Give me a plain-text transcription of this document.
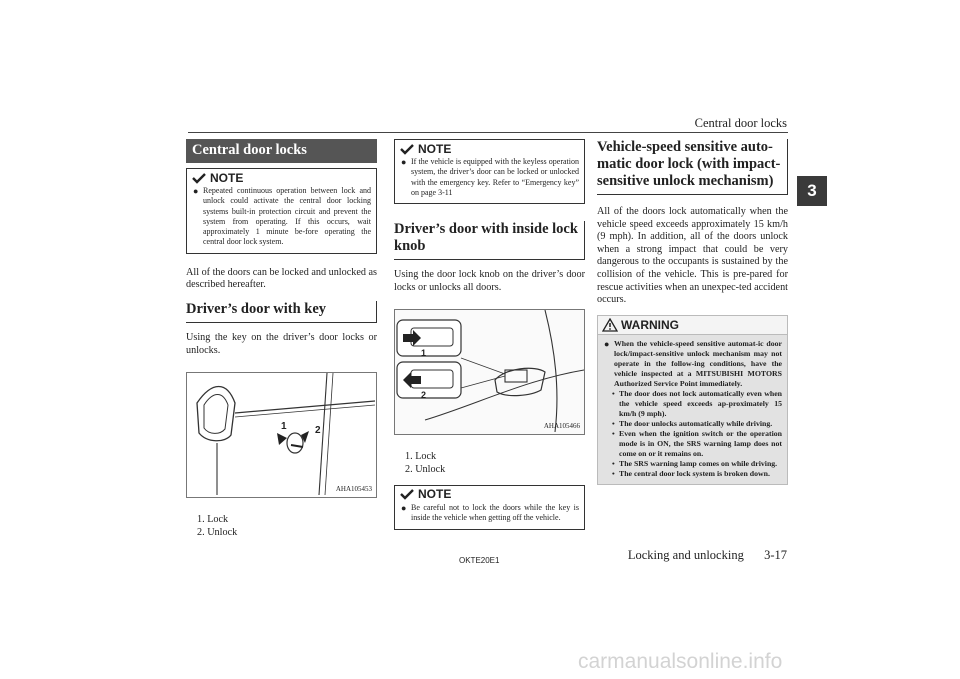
Central door locks
3
Central door locks
NOTE
● Repeated continuous operation between lock and unlock could activate the central door locking systems built-in protection circuit and prevent the system from operating. If this occurs, wait approximately 1 minute be-fore operating the central door lock system.
All of the doors can be locked and unlocked as described hereafter.
Driver’s door with key
Using the key on the driver’s door locks or unlocks.
1	2
AHA105453
1. Lock
2. Unlock
NOTE
● If the vehicle is equipped with the keyless operation system, the driver’s door can be locked or unlocked with the emergency key. Refer to “Emergency key” on page 3-11
Driver’s door with inside lock knob
Using the door lock knob on the driver’s door locks or unlocks all doors.
1
2
AHA105466
1. Lock
2. Unlock
NOTE
● Be careful not to lock the doors while the key is inside the vehicle when getting off the vehicle.
Vehicle-speed sensitive auto-matic door lock (with impact-sensitive unlock mechanism)
All of the doors lock automatically when the vehicle speed exceeds approximately 15 km/h (9 mph). In addition, all of the doors unlock when a strong impact that could be very dangerous to the occupants is sustained by the collision of the vehicle. This is pre-pared for rescue activities when an unexpec-ted accident occurs.
WARNING
● When the vehicle-speed sensitive automat-ic door lock/impact-sensitive unlock mechanism may not operate in the follow-ing conditions, have the vehicle inspected at a MITSUBISHI MOTORS Authorized Service Point immediately.
• The door does not lock automatically even when the vehicle speed exceeds ap-proximately 15 km/h (9 mph).
• The door unlocks automatically while driving.
• Even when the ignition switch or the operation mode is in ON, the SRS warning lamp does not come on or it remains on.
• The SRS warning lamp comes on while driving.
• The central door lock system is broken down.
Locking and unlocking 3-17
OKTE20E1
carmanualsonline.info
